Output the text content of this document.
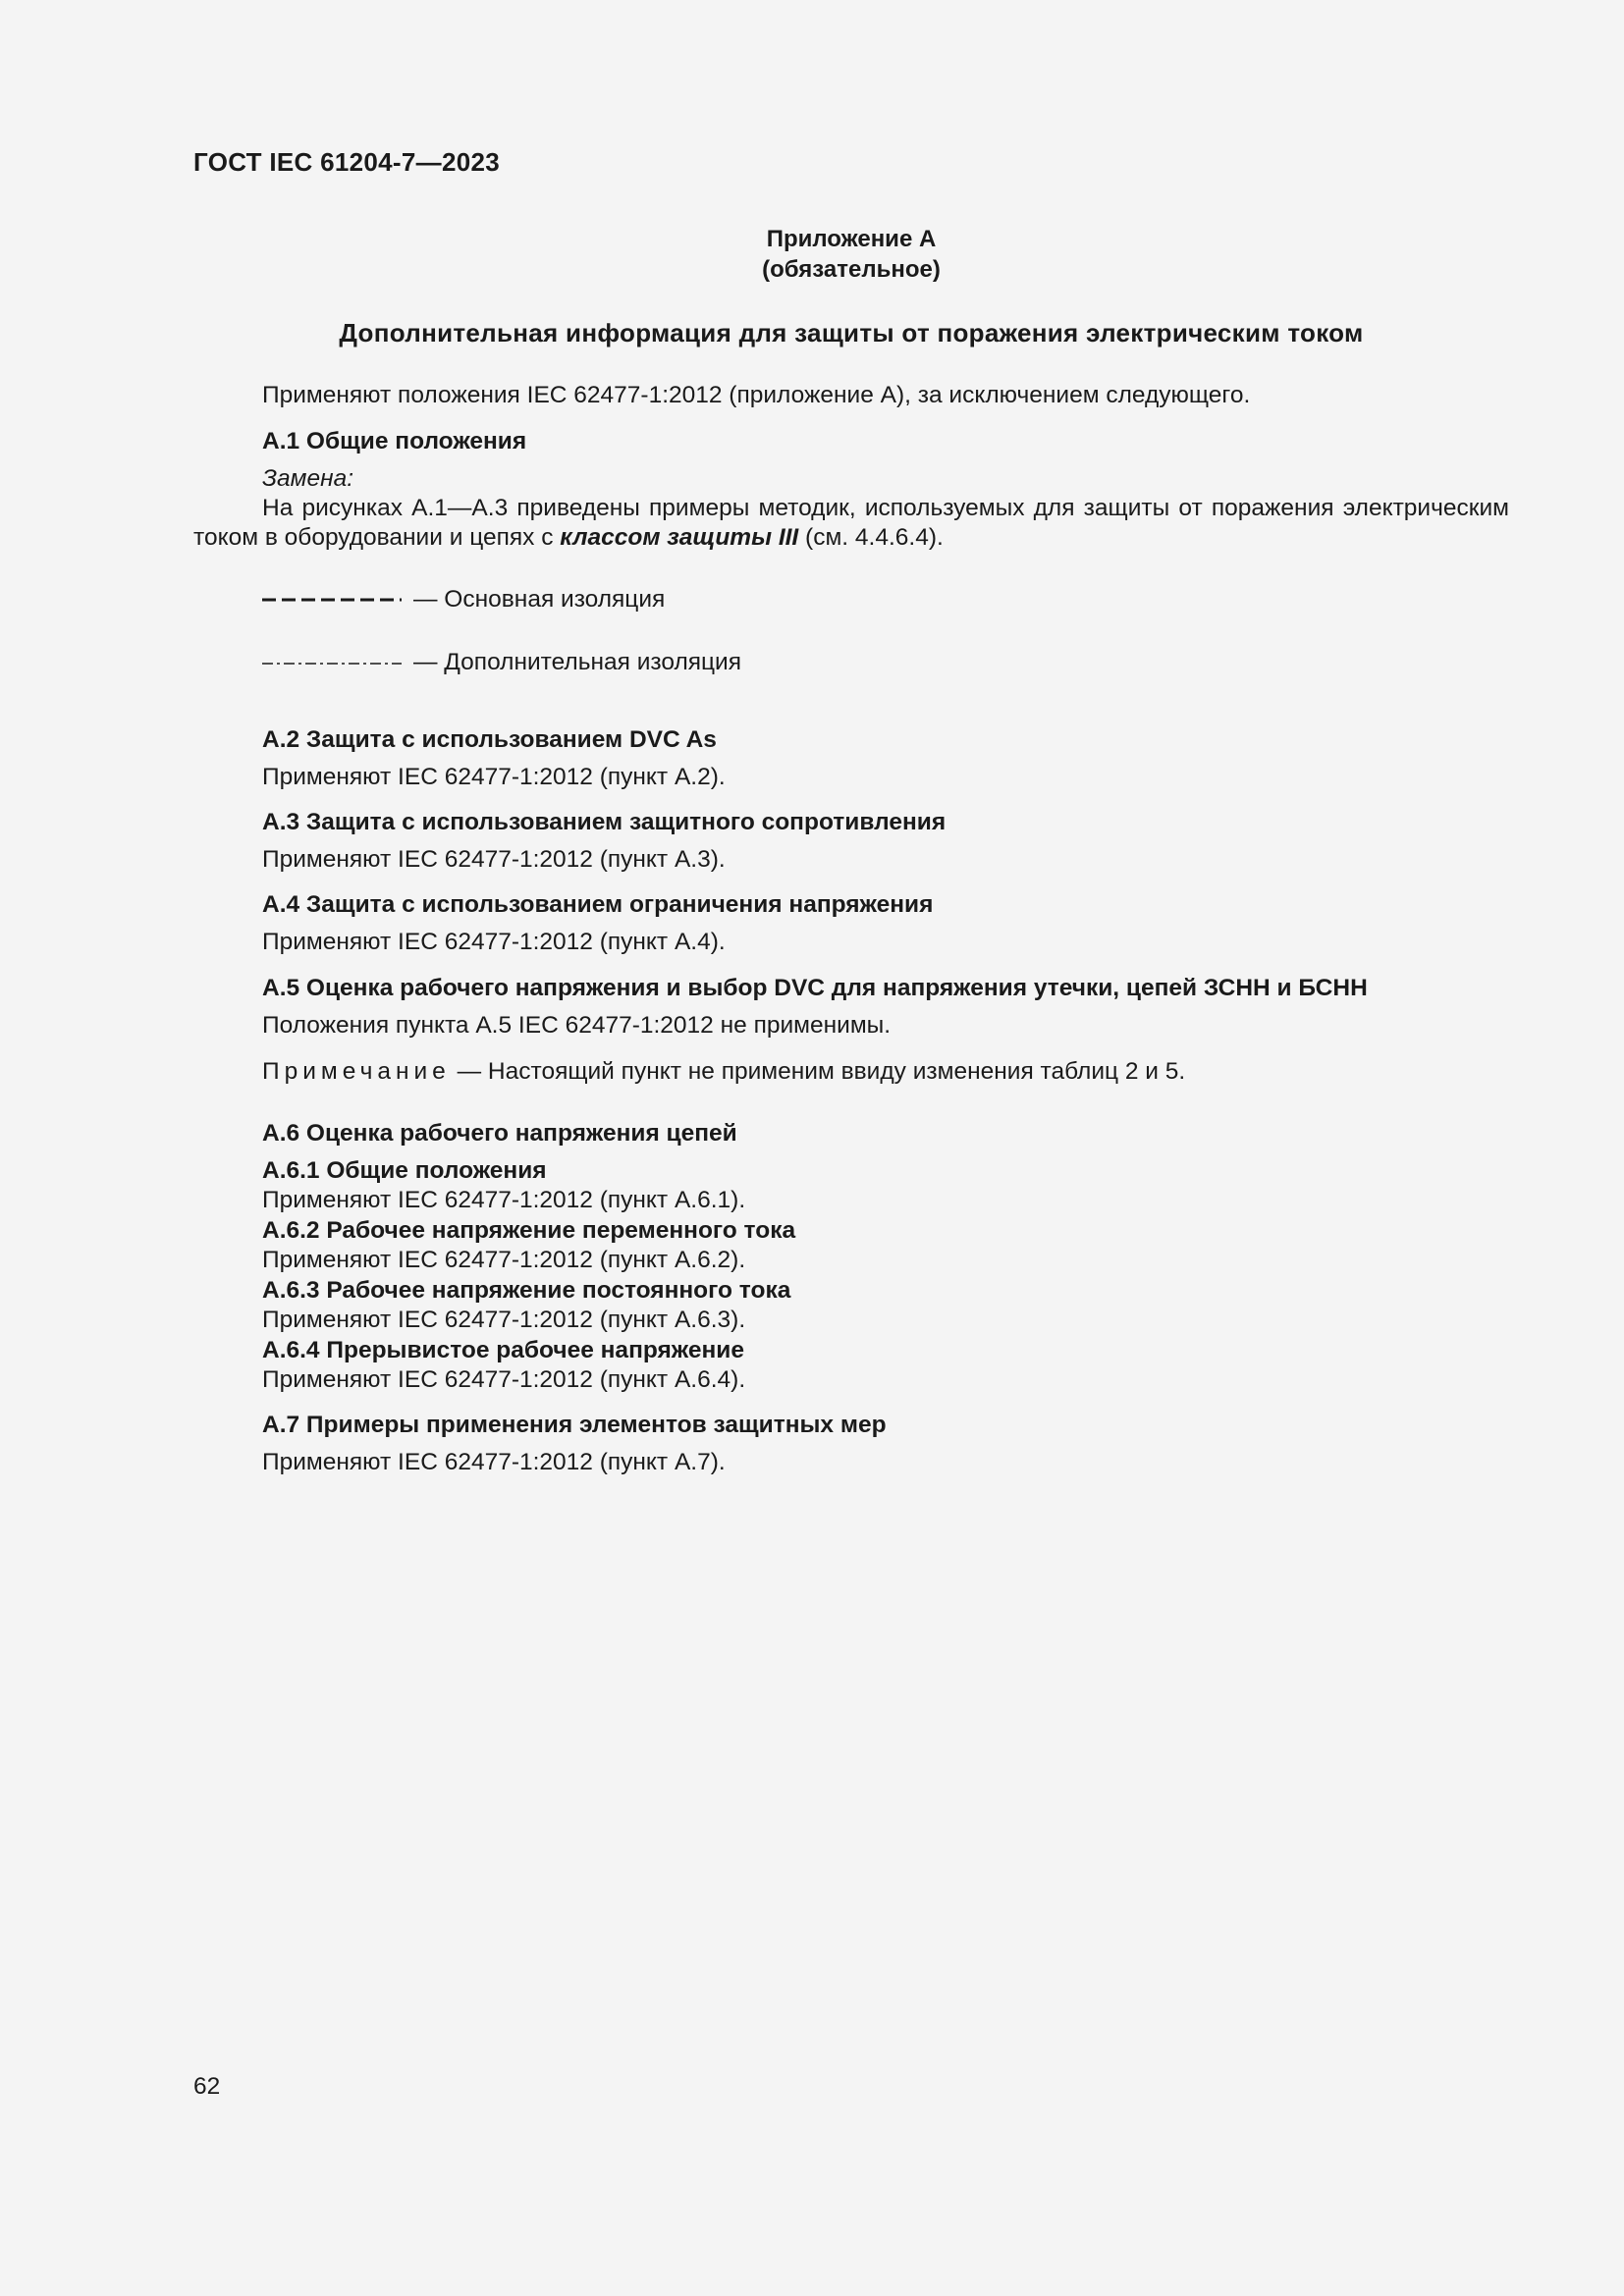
ГОСТ IEC 61204-7—2023
Приложение А
(обязательное)
Дополнительная информация для защиты от поражения электрическим током
Применяют положения IEC 62477-1:2012 (приложение А), за исключением следующего.
А.1 Общие положения
Замена:
На рисунках А.1—А.3 приведены примеры методик, используемых для защиты от поражения электрическим током в оборудовании и цепях с классом защиты III (см. 4.4.6.4).
— Основная изоляция
— Дополнительная изоляция
А.2 Защита с использованием DVC As
Применяют IEC 62477-1:2012 (пункт А.2).
А.3 Защита с использованием защитного сопротивления
Применяют IEC 62477-1:2012 (пункт А.3).
А.4 Защита с использованием ограничения напряжения
Применяют IEC 62477-1:2012 (пункт А.4).
А.5 Оценка рабочего напряжения и выбор DVC для напряжения утечки, цепей ЗСНН и БСНН
Положения пункта А.5 IEC 62477-1:2012 не применимы.
Примечание — Настоящий пункт не применим ввиду изменения таблиц 2 и 5.
А.6 Оценка рабочего напряжения цепей
А.6.1 Общие положения
Применяют IEC 62477-1:2012 (пункт А.6.1).
А.6.2 Рабочее напряжение переменного тока
Применяют IEC 62477-1:2012 (пункт А.6.2).
А.6.3 Рабочее напряжение постоянного тока
Применяют IEC 62477-1:2012 (пункт А.6.3).
А.6.4 Прерывистое рабочее напряжение
Применяют IEC 62477-1:2012 (пункт А.6.4).
А.7 Примеры применения элементов защитных мер
Применяют IEC 62477-1:2012 (пункт А.7).
62
